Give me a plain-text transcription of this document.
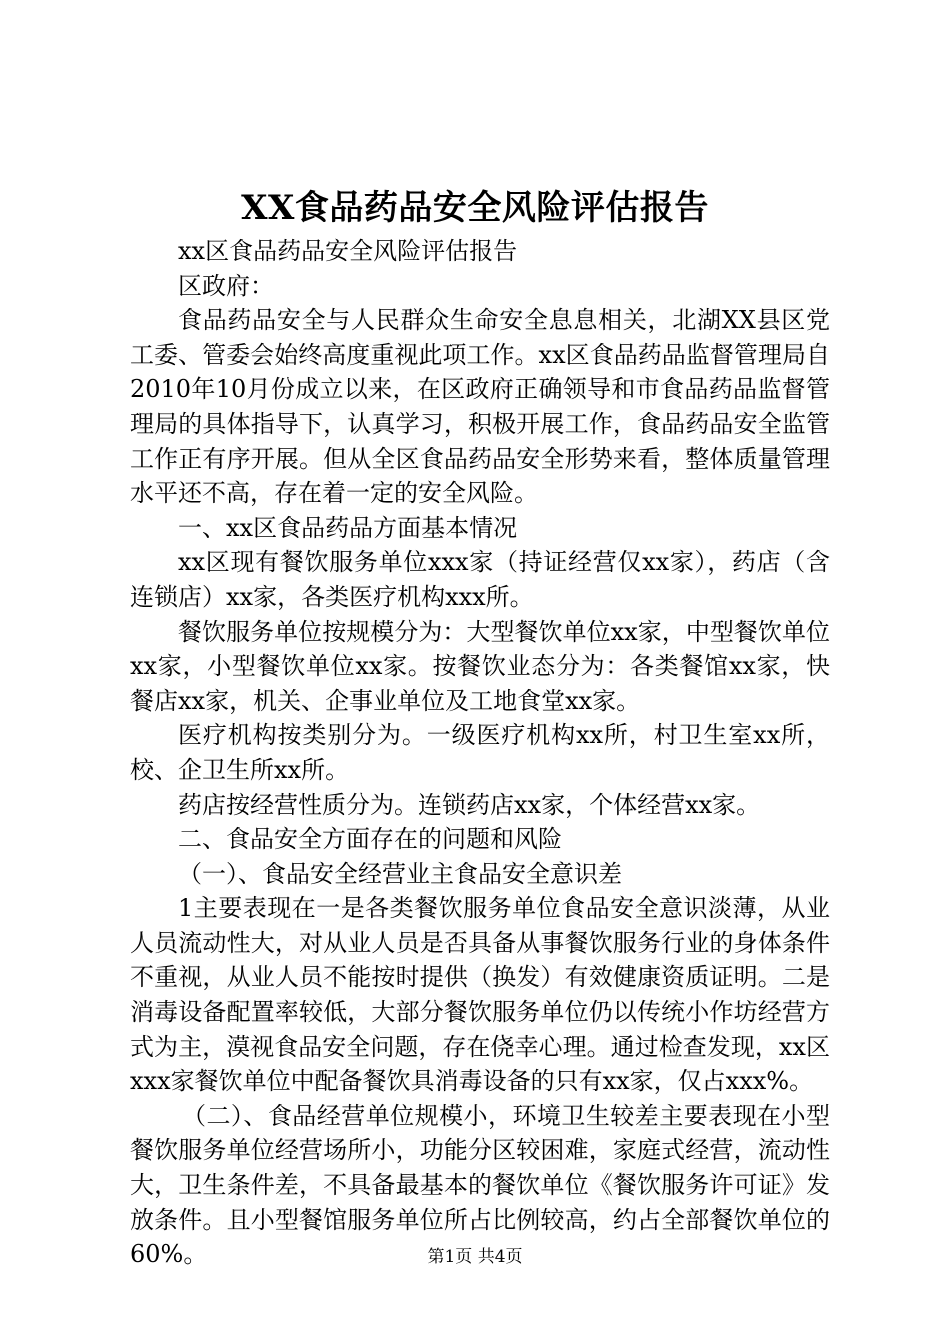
XX食品药品安全风险评估报告

xx区食品药品安全风险评估报告

区政府：

食品药品安全与人民群众生命安全息息相关，北湖XX县区党工委、管委会始终高度重视此项工作。xx区食品药品监督管理局自2010年10月份成立以来，在区政府正确领导和市食品药品监督管理局的具体指导下，认真学习，积极开展工作，食品药品安全监管工作正有序开展。但从全区食品药品安全形势来看，整体质量管理水平还不高，存在着一定的安全风险。

一、xx区食品药品方面基本情况

xx区现有餐饮服务单位xxx家（持证经营仅xx家），药店（含连锁店）xx家，各类医疗机构xxx所。

餐饮服务单位按规模分为：大型餐饮单位xx家，中型餐饮单位xx家，小型餐饮单位xx家。按餐饮业态分为：各类餐馆xx家，快餐店xx家，机关、企事业单位及工地食堂xx家。

医疗机构按类别分为。一级医疗机构xx所，村卫生室xx所，校、企卫生所xx所。

药店按经营性质分为。连锁药店xx家，个体经营xx家。

二、食品安全方面存在的问题和风险

（一）、食品安全经营业主食品安全意识差

1主要表现在一是各类餐饮服务单位食品安全意识淡薄，从业人员流动性大，对从业人员是否具备从事餐饮服务行业的身体条件不重视，从业人员不能按时提供（换发）有效健康资质证明。二是消毒设备配置率较低，大部分餐饮服务单位仍以传统小作坊经营方式为主，漠视食品安全问题，存在侥幸心理。通过检查发现，xx区xxx家餐饮单位中配备餐饮具消毒设备的只有xx家，仅占xxx%。

（二）、食品经营单位规模小，环境卫生较差主要表现在小型餐饮服务单位经营场所小，功能分区较困难，家庭式经营，流动性大，卫生条件差，不具备最基本的餐饮单位《餐饮服务许可证》发放条件。且小型餐馆服务单位所占比例较高，约占全部餐饮单位的60%。	第1页 共4页
